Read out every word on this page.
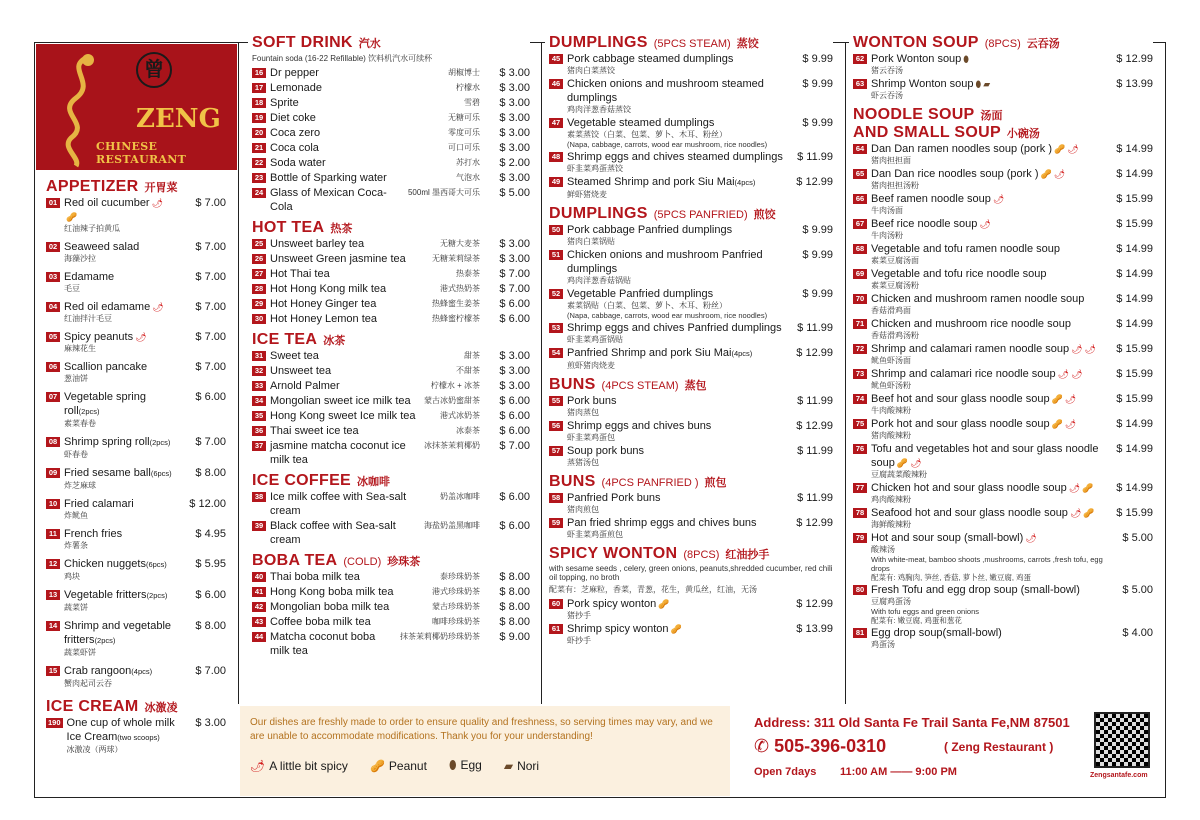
曾
ZENG
CHINESE RESTAURANT
APPETIZER 开胃菜
01 Red oil cucumber 🌶🥜
红油辣子拍黄瓜
$ 7.00
02 Seaweed salad
海藻沙拉
$ 7.00
03 Edamame
毛豆
$ 7.00
04 Red oil edamame 🌶
红油拌汁毛豆
$ 7.00
05 Spicy peanuts 🌶
麻辣花生
$ 7.00
06 Scallion pancake
葱油饼
$ 7.00
07 Vegetable spring roll(2pcs)
素菜春卷
$ 6.00
08 Shrimp spring roll(2pcs)
虾春卷
$ 7.00
09 Fried sesame ball(6pcs)
炸芝麻球
$ 8.00
10 Fried calamari
炸鱿鱼
$ 12.00
11 French fries
炸薯条
$ 4.95
12 Chicken nuggets(6pcs)
鸡块
$ 5.95
13 Vegetable fritters(2pcs)
蔬菜饼
$ 6.00
14 Shrimp and vegetable fritters(2pcs)
蔬菜虾饼
$ 8.00
15 Crab rangoon(4pcs)
蟹肉起司云吞
$ 7.00
ICE CREAM 冰激凌
190 One cup of whole milk Ice Cream(two scoops)
冰激凌（两球）
$ 3.00
SOFT DRINK 汽水
Fountain soda (16-22 Refillable) 饮料机汽水可续杯
16 Dr pepper	胡椒博士	$ 3.00
17 Lemonade	柠檬水	$ 3.00
18 Sprite	雪碧	$ 3.00
19 Diet coke	无糖可乐	$ 3.00
20 Coca zero	零度可乐	$ 3.00
21 Coca cola	可口可乐	$ 3.00
22 Soda water	苏打水	$ 2.00
23 Bottle of Sparking water	气泡水	$ 3.00
24 Glass of Mexican Coca-Cola
500ml 墨西哥大可乐	$ 5.00
HOT TEA 热茶
25 Unsweet barley tea	无糖大麦茶	$ 3.00
26 Unsweet Green jasmine tea	无糖茉莉绿茶	$ 3.00
27 Hot Thai tea	热泰茶	$ 7.00
28 Hot Hong Kong milk tea	港式热奶茶	$ 7.00
29 Hot Honey Ginger tea	热蜂蜜生姜茶	$ 6.00
30 Hot Honey Lemon tea	热蜂蜜柠檬茶	$ 6.00
ICE TEA 冰茶
31 Sweet tea	甜茶	$ 3.00
32 Unsweet tea	不甜茶	$ 3.00
33 Arnold Palmer	柠檬水 + 冰茶	$ 3.00
34 Mongolian sweet ice milk tea	蒙古冰奶蜜甜茶	$ 6.00
35 Hong Kong sweet Ice milk tea	港式冰奶茶	$ 6.00
36 Thai sweet ice tea	冰泰茶	$ 6.00
37 jasmine matcha coconut ice milk tea
冰抹茶茉莉椰奶	$ 7.00
ICE COFFEE 冰咖啡
38 Ice milk coffee with Sea-salt cream
奶盖冰咖啡	$ 6.00
39 Black coffee with Sea-salt cream
海盐奶盖黑咖啡	$ 6.00
BOBA TEA (COLD) 珍珠茶
40 Thai boba milk tea	泰珍珠奶茶	$ 8.00
41 Hong Kong boba milk tea	港式珍珠奶茶	$ 8.00
42 Mongolian boba milk tea	蒙古珍珠奶茶	$ 8.00
43 Coffee boba milk tea	咖啡珍珠奶茶	$ 8.00
44 Matcha coconut boba milk tea
抹茶茉莉椰奶珍珠奶茶	$ 9.00
DUMPLINGS (5PCS STEAM) 蒸饺
45 Pork cabbage steamed dumplings
猪肉白菜蒸饺
$ 9.99
46 Chicken onions and mushroom steamed dumplings
鸡肉洋葱香菇蒸饺
$ 9.99
47 Vegetable steamed dumplings
素菜蒸饺（白菜、包菜、萝卜、木耳、粉丝）
(Napa, cabbage, carrots, wood ear mushroom, rice noodles)
$ 9.99
48 Shrimp eggs and chives steamed dumplings
虾韭菜鸡蛋蒸饺
$ 11.99
49 Steamed Shrimp and pork Siu Mai(4pcs)
鲜虾猪烧麦
$ 12.99
DUMPLINGS (5PCS PANFRIED) 煎饺
50 Pork cabbage Panfried dumplings
猪肉白菜锅贴
$ 9.99
51 Chicken onions and mushroom Panfried dumplings
鸡肉洋葱香菇锅贴
$ 9.99
52 Vegetable Panfried dumplings
素菜锅贴（白菜、包菜、萝卜、木耳、粉丝）
(Napa, cabbage, carrots, wood ear mushroom, rice noodles)
$ 9.99
53 Shrimp eggs and chives Panfried dumplings
虾韭菜鸡蛋锅贴
$ 11.99
54 Panfried Shrimp and pork Siu Mai(4pcs)
煎虾猪肉烧麦
$ 12.99
BUNS (4PCS STEAM) 蒸包
55 Pork buns
猪肉蒸包
$ 11.99
56 Shrimp eggs and chives buns
虾韭菜鸡蛋包
$ 12.99
57 Soup pork buns
蒸猪汤包
$ 11.99
BUNS (4PCS PANFRIED ) 煎包
58 Panfried Pork buns
猪肉煎包
$ 11.99
59 Pan fried shrimp eggs and chives buns
虾韭菜鸡蛋煎包
$ 12.99
SPICY WONTON (8PCS) 红油抄手
with sesame seeds , celery, green onions, peanuts,shredded cucumber, red chili oil topping, no broth
配菜有：芝麻粒，香菜，青葱，花生，黄瓜丝，红油，无汤
60 Pork spicy wonton 🥜
猪抄手
$ 12.99
61 Shrimp spicy wonton 🥜
虾抄手
$ 13.99
WONTON SOUP (8PCS) 云吞汤
62 Pork Wonton soup ⬮
猪云吞汤
$ 12.99
63 Shrimp Wonton soup ⬮ ▰
虾云吞汤
$ 13.99
NOODLE SOUP 汤面
AND SMALL SOUP 小碗汤
64 Dan Dan ramen noodles soup (pork ) 🥜 🌶
猪肉担担面
$ 14.99
65 Dan Dan rice noodles soup (pork ) 🥜 🌶
猪肉担担汤粉
$ 14.99
66 Beef ramen noodle soup 🌶
牛肉汤面
$ 15.99
67 Beef rice noodle soup 🌶
牛肉汤粉
$ 15.99
68 Vegetable and tofu ramen noodle soup
素菜豆腐汤面
$ 14.99
69 Vegetable and tofu rice noodle soup
素菜豆腐汤粉
$ 14.99
70 Chicken and mushroom ramen noodle soup
香菇滑鸡面
$ 14.99
71 Chicken and mushroom rice noodle soup
香菇滑鸡汤粉
$ 14.99
72 Shrimp and calamari ramen noodle soup 🌶 🌶
鱿鱼虾汤面
$ 15.99
73 Shrimp and calamari rice noodle soup 🌶 🌶
鱿鱼虾汤粉
$ 15.99
74 Beef hot and sour glass noodle soup 🥜 🌶
牛肉酸辣粉
$ 15.99
75 Pork hot and sour glass noodle soup 🥜 🌶
猪肉酸辣粉
$ 14.99
76 Tofu and vegetables hot and sour glass noodle soup 🥜 🌶
豆腐蔬菜酸辣粉
$ 14.99
77 Chicken hot and sour glass noodle soup 🌶 🥜
鸡肉酸辣粉
$ 14.99
78 Seafood hot and sour glass noodle soup 🌶 🥜
海鲜酸辣粉
$ 15.99
79 Hot and sour soup (small-bowl) 🌶
酸辣汤
With white-meat, bamboo shoots ,mushrooms, carrots ,fresh tofu, egg drops
配菜有: 鸡胸肉, 笋丝, 香菇, 萝卜丝, 嫩豆腐, 鸡蛋
$ 5.00
80 Fresh Tofu and egg drop soup (small-bowl)
豆腐鸡蛋汤
With tofu eggs and green onions
配菜有: 嫩豆腐, 鸡蛋和葱花
$ 5.00
81 Egg drop soup(small-bowl)
鸡蛋汤
$ 4.00
Our dishes are freshly made to order to ensure quality and freshness, so serving times may vary, and we are unable to accommodate modifications. Thank you for your understanding!
🌶 A little bit spicy 🥜 Peanut ⬮ Egg ▰ Nori
Address: 311 Old Santa Fe Trail Santa Fe,NM 87501
✆ 505-396-0310	( Zeng Restaurant )
Open 7days 11:00 AM —— 9:00 PM	Zengsantafe.com
